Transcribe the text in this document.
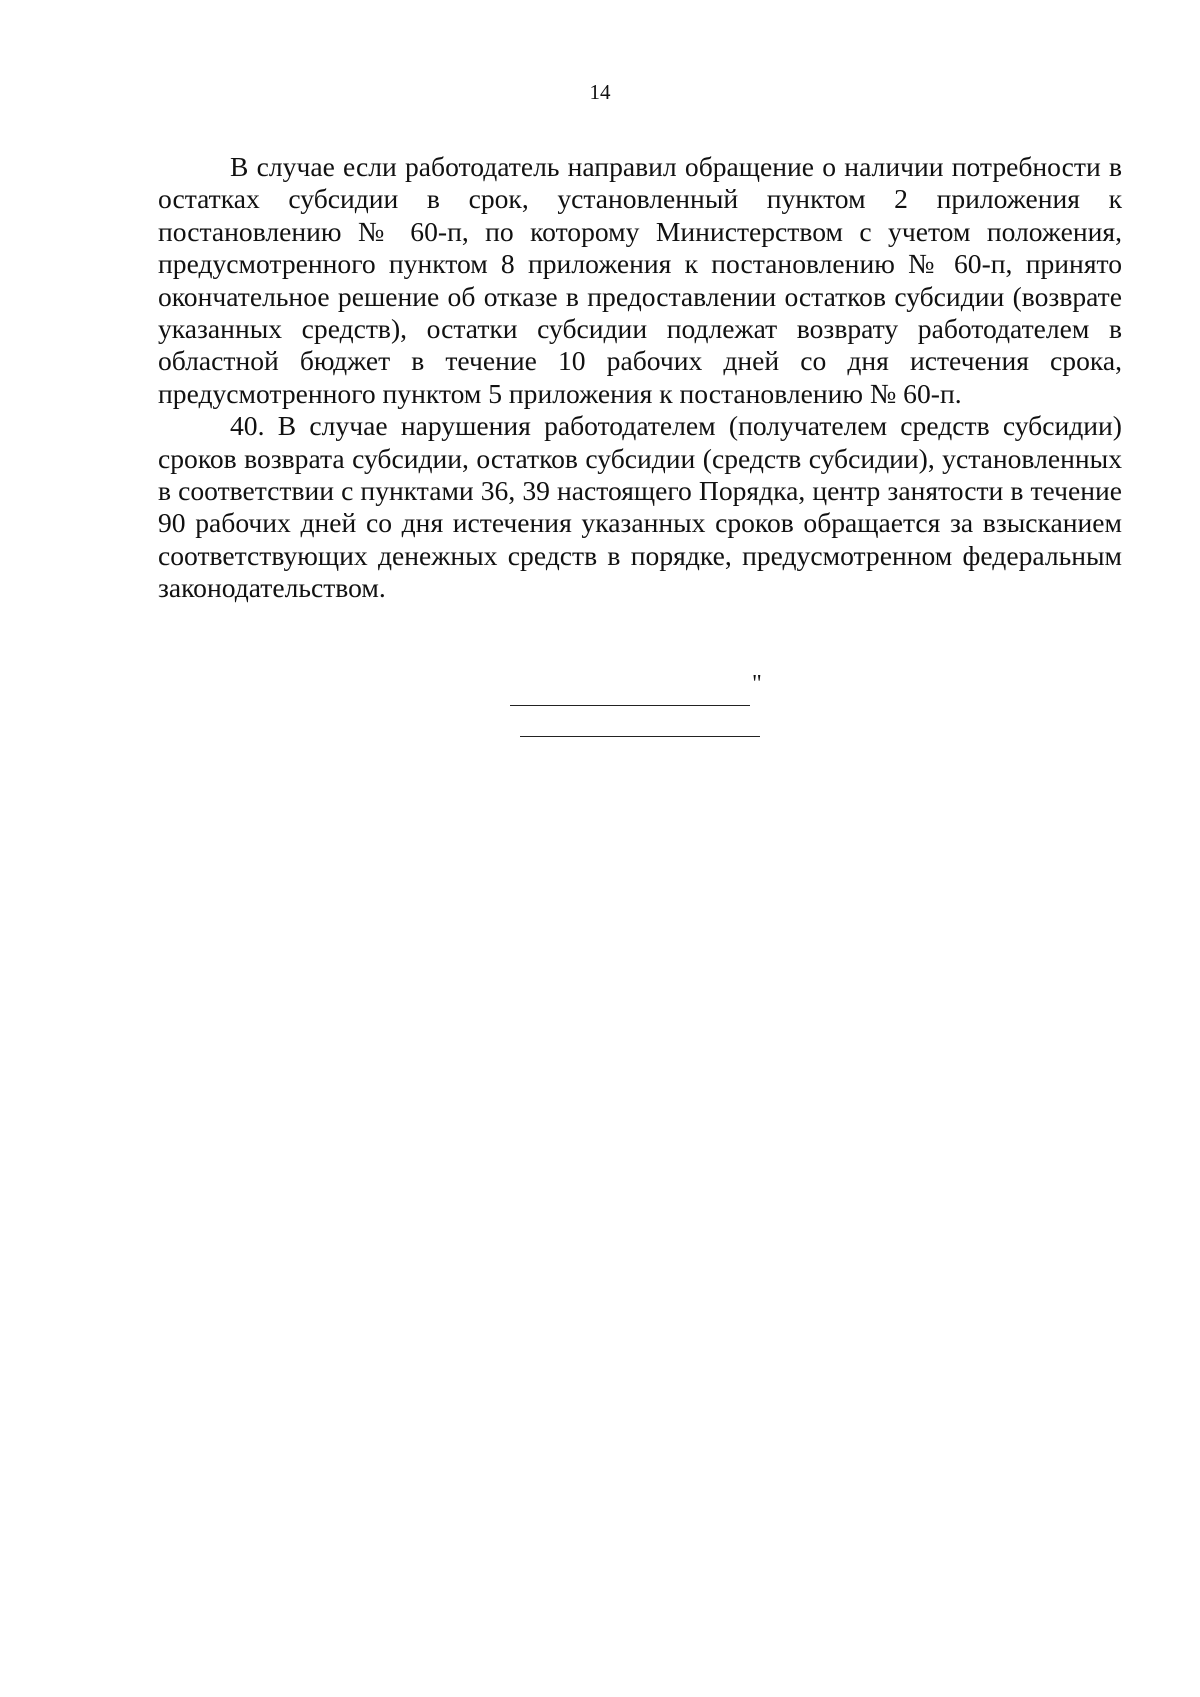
14

В случае если работодатель направил обращение о наличии потребности в остатках субсидии в срок, установленный пунктом 2 приложения к постановлению № 60-п, по которому Министерством с учетом положения, предусмотренного пунктом 8 приложения к постановлению № 60-п, принято окончательное решение об отказе в предоставлении остатков субсидии (возврате указанных средств), остатки субсидии подлежат возврату работодателем в областной бюджет в течение 10 рабочих дней со дня истечения срока, предусмотренного пунктом 5 приложения к постановлению № 60-п.

40. В случае нарушения работодателем (получателем средств субсидии) сроков возврата субсидии, остатков субсидии (средств субсидии), установленных в соответствии с пунктами 36, 39 настоящего Порядка, центр занятости в течение 90 рабочих дней со дня истечения указанных сроков обращается за взысканием соответствующих денежных средств в порядке, предусмотренном федеральным законодательством.

"
